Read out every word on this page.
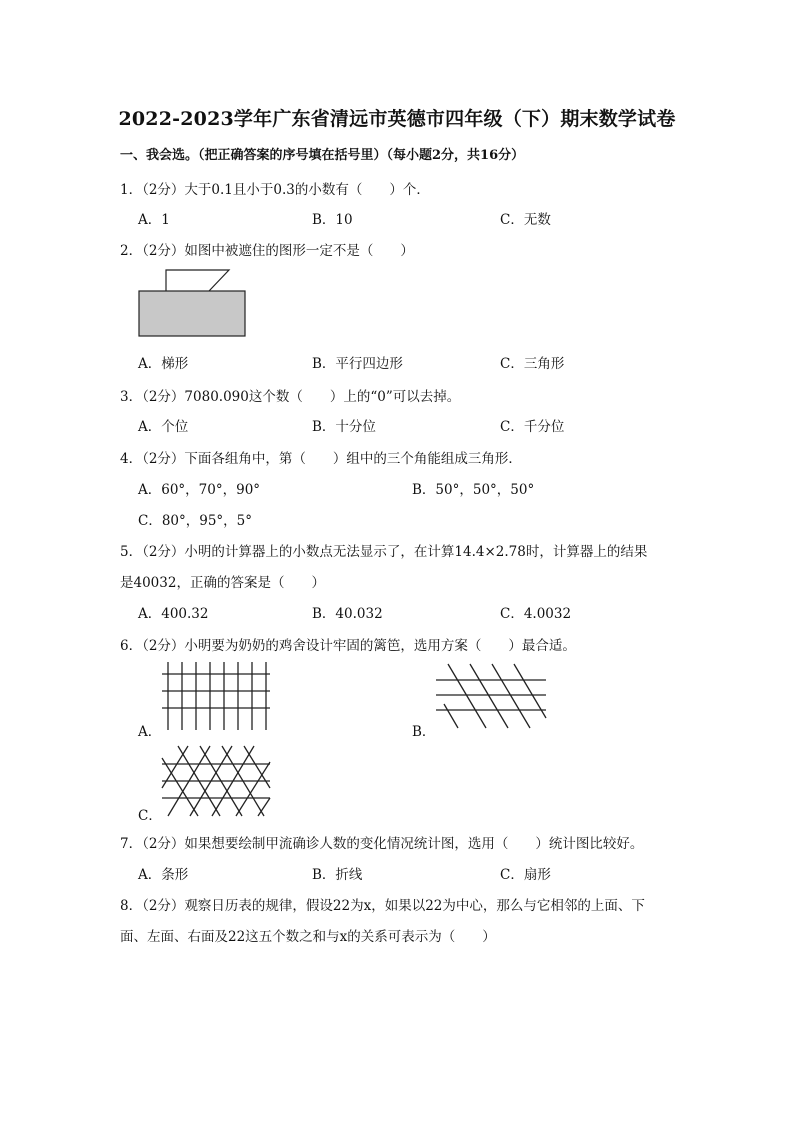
2022-2023学年广东省清远市英德市四年级（下）期末数学试卷
一、我会选。（把正确答案的序号填在括号里）（每小题2分，共16分）
1．（2分）大于0.1且小于0.3的小数有（　　）个．
A．1	B．10	C．无数
2．（2分）如图中被遮住的图形一定不是（　　）
A．梯形	B．平行四边形	C．三角形
3．（2分）7080.090这个数（　　）上的“0”可以去掉。
A．个位	B．十分位	C．千分位
4．（2分）下面各组角中，第（　　）组中的三个角能组成三角形．
A．60°，70°，90°	B．50°，50°，50°
C．80°，95°，5°
5．（2分）小明的计算器上的小数点无法显示了，在计算14.4×2.78时，计算器上的结果
是40032，正确的答案是（　　）
A．400.32	B．40.032	C．4.0032
6．（2分）小明要为奶奶的鸡舍设计牢固的篱笆，选用方案（　　）最合适。
A．	B．
C．
7．（2分）如果想要绘制甲流确诊人数的变化情况统计图，选用（　　）统计图比较好。
A．条形	B．折线	C．扇形
8．（2分）观察日历表的规律，假设22为x，如果以22为中心，那么与它相邻的上面、下
面、左面、右面及22这五个数之和与x的关系可表示为（　　）
